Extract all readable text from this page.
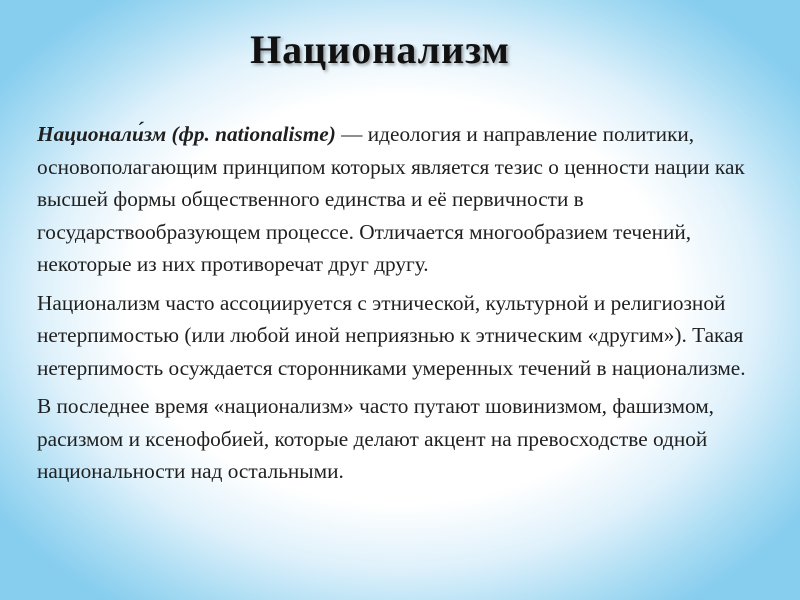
Национализм

Национали́зм (фр. nationalisme) — идеология и направление политики, основополагающим принципом которых является тезис о ценности нации как высшей формы общественного единства и её первичности в государствообразующем процессе. Отличается многообразием течений, некоторые из них противоречат друг другу.

Национализм часто ассоциируется с этнической, культурной и религиозной нетерпимостью (или любой иной неприязнью к этническим «другим»). Такая нетерпимость осуждается сторонниками умеренных течений в национализме.

В последнее время «национализм» часто путают шовинизмом, фашизмом, расизмом и ксенофобией, которые делают акцент на превосходстве одной национальности над остальными.
